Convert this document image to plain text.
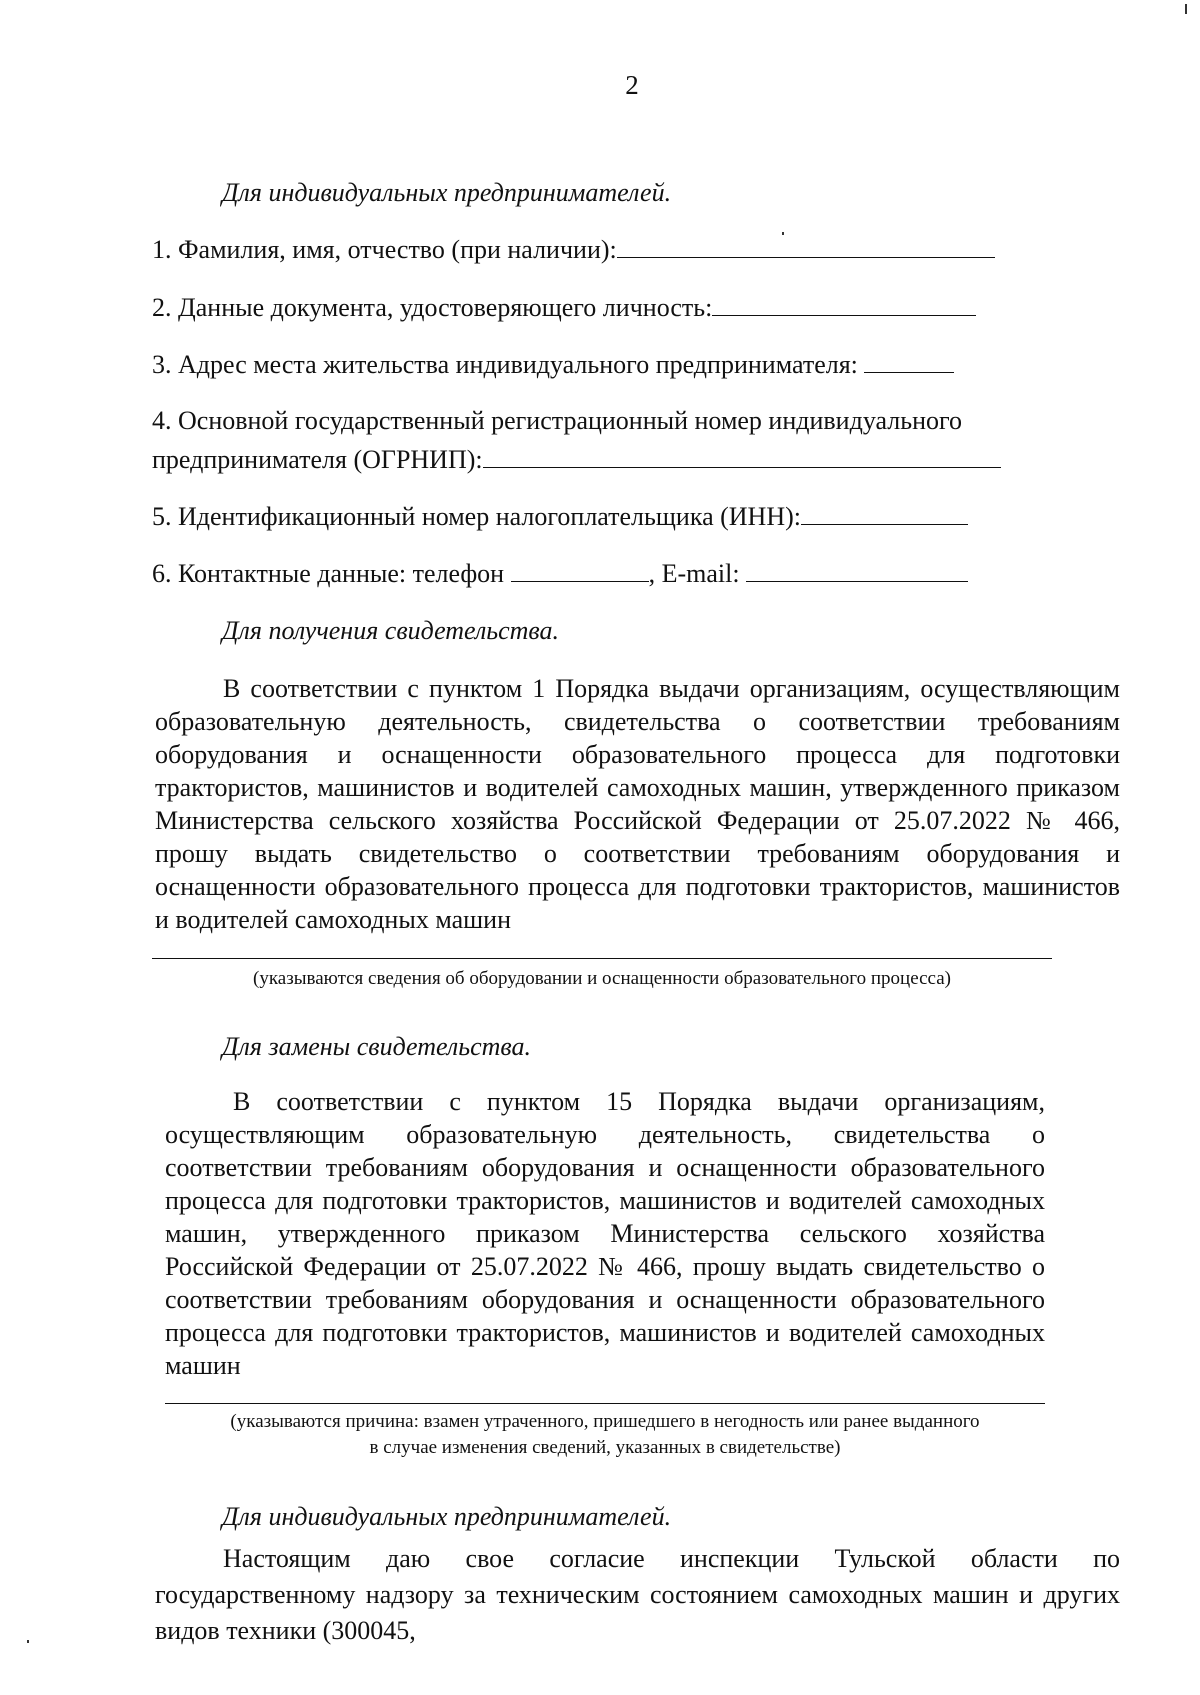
2
Для индивидуальных предпринимателей.
1. Фамилия, имя, отчество (при наличии):
2. Данные документа, удостоверяющего личность:
3. Адрес места жительства индивидуального предпринимателя:
4. Основной государственный регистрационный номер индивидуального
предпринимателя (ОГРНИП):
5. Идентификационный номер налогоплательщика (ИНН):
6. Контактные данные: телефон	, E-mail:
Для получения свидетельства.
В соответствии с пунктом 1 Порядка выдачи организациям, осуществляющим образовательную деятельность, свидетельства о соответствии требованиям оборудования и оснащенности образовательного процесса для подготовки трактористов, машинистов и водителей самоходных машин, утвержденного приказом Министерства сельского хозяйства Российской Федерации от 25.07.2022 № 466, прошу выдать свидетельство о соответствии требованиям оборудования и оснащенности образовательного процесса для подготовки трактористов, машинистов и водителей самоходных машин
(указываются сведения об оборудовании и оснащенности образовательного процесса)
Для замены свидетельства.
В соответствии с пунктом 15 Порядка выдачи организациям, осуществляющим образовательную деятельность, свидетельства о соответствии требованиям оборудования и оснащенности образовательного процесса для подготовки трактористов, машинистов и водителей самоходных машин, утвержденного приказом Министерства сельского хозяйства Российской Федерации от 25.07.2022 № 466, прошу выдать свидетельство о соответствии требованиям оборудования и оснащенности образовательного процесса для подготовки трактористов, машинистов и водителей самоходных машин
(указываются причина: взамен утраченного, пришедшего в негодность или ранее выданного
в случае изменения сведений, указанных в свидетельстве)
Для индивидуальных предпринимателей.
Настоящим даю свое согласие инспекции Тульской области по государственному надзору за техническим состоянием самоходных машин и других видов техники (300045,
